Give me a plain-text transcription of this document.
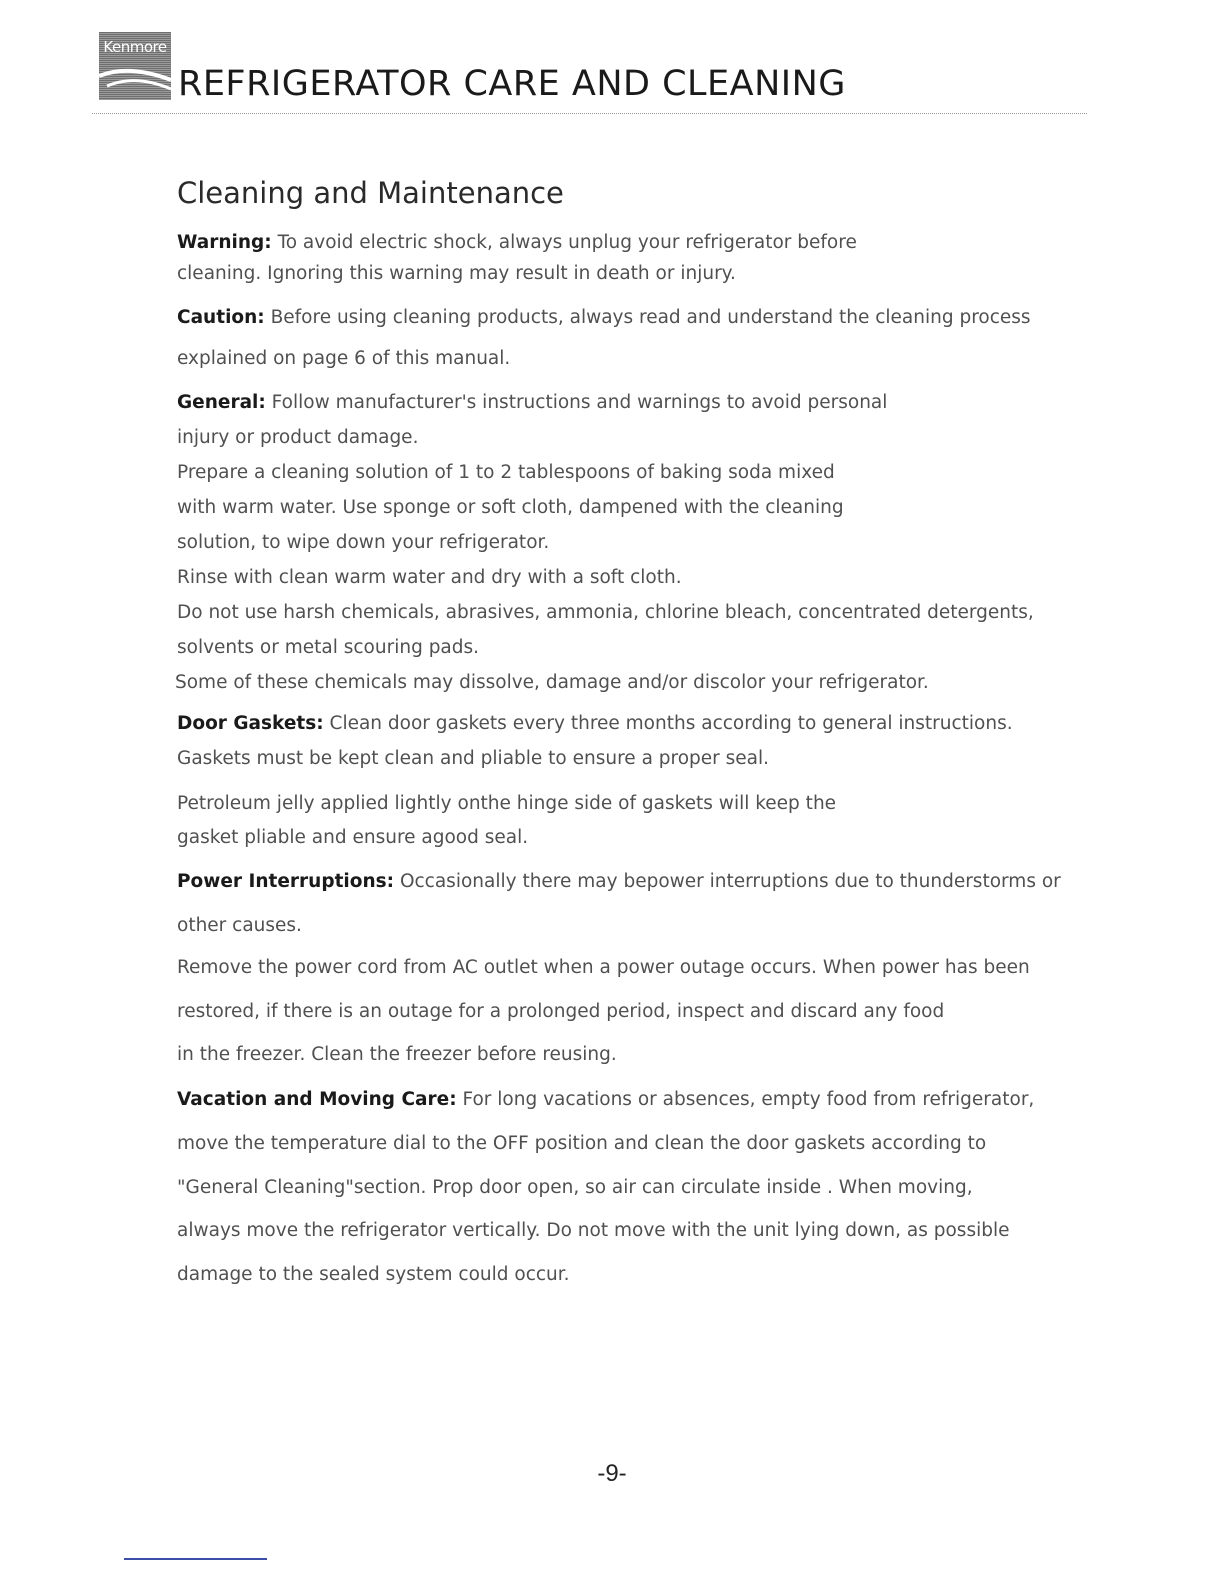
Kenmore
REFRIGERATOR CARE AND CLEANING
Cleaning and Maintenance
Warning: To avoid electric shock, always unplug your refrigerator before
cleaning. Ignoring this warning may result in death or injury.
Caution: Before using cleaning products, always read and understand the cleaning process
explained on page 6 of this manual.
General: Follow manufacturer's instructions and warnings to avoid personal
injury or product damage.
Prepare a cleaning solution of 1 to 2 tablespoons of baking soda mixed
with warm water. Use sponge or soft cloth, dampened with the cleaning
solution, to wipe down your refrigerator.
Rinse with clean warm water and dry with a soft cloth.
Do not use harsh chemicals, abrasives, ammonia, chlorine bleach, concentrated detergents,
solvents or metal scouring pads.
Some of these chemicals may dissolve, damage and/or discolor your refrigerator.
Door Gaskets: Clean door gaskets every three months according to general instructions.
Gaskets must be kept clean and pliable to ensure a proper seal.
Petroleum jelly applied lightly onthe hinge side of gaskets will keep the
gasket pliable and ensure agood seal.
Power Interruptions: Occasionally there may bepower interruptions due to thunderstorms or
other causes.
Remove the power cord from AC outlet when a power outage occurs. When power has been
restored, if there is an outage for a prolonged period, inspect and discard any food
in the freezer. Clean the freezer before reusing.
Vacation and Moving Care: For long vacations or absences, empty food from refrigerator,
move the temperature dial to the OFF position and clean the door gaskets according to
"General Cleaning"section. Prop door open, so air can circulate inside . When moving,
always move the refrigerator vertically. Do not move with the unit lying down, as possible
damage to the sealed system could occur.
-9-
